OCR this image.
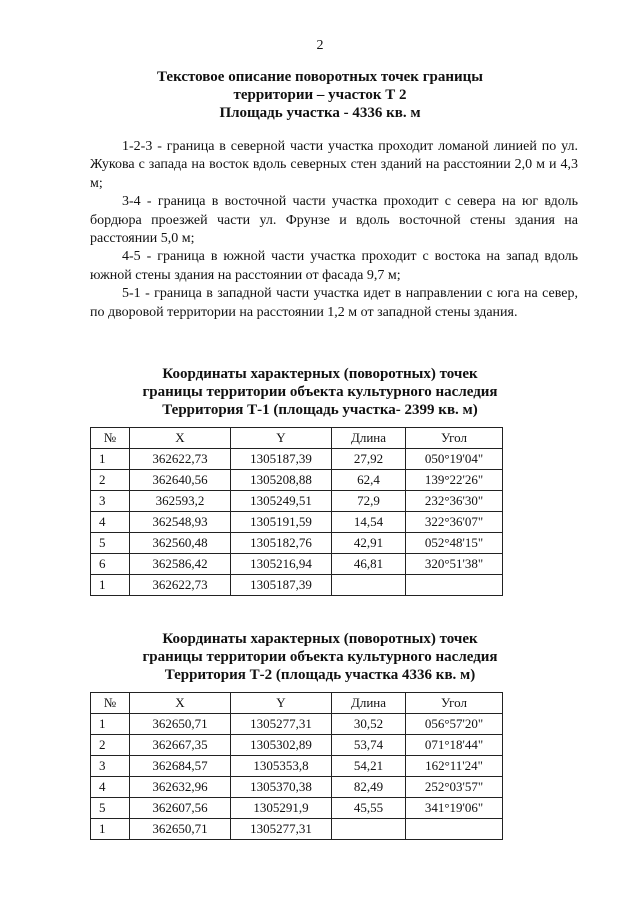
2
Текстовое описание поворотных точек границы
территории – участок Т 2
Площадь участка - 4336 кв. м

1-2-3 - граница в северной части участка проходит ломаной линией по ул. Жукова с запада на восток вдоль северных стен зданий на расстоянии 2,0 м и 4,3 м;

3-4 - граница в восточной части участка проходит с севера на юг вдоль бордюра проезжей части ул. Фрунзе и вдоль восточной стены здания на расстоянии 5,0 м;

4-5 - граница в южной части участка проходит с востока на запад вдоль южной стены здания на расстоянии от фасада 9,7 м;

5-1 - граница в западной части участка идет в направлении с юга на север, по дворовой территории на расстоянии 1,2 м от западной стены здания.

Координаты характерных (поворотных) точек
границы территории объекта культурного наследия
Территория Т-1 (площадь участка- 2399 кв. м)
№	X	Y	Длина	Угол
1	362622,73	1305187,39	27,92	050°19'04"
2	362640,56	1305208,88	62,4	139°22'26"
3	362593,2	1305249,51	72,9	232°36'30"
4	362548,93	1305191,59	14,54	322°36'07"
5	362560,48	1305182,76	42,91	052°48'15"
6	362586,42	1305216,94	46,81	320°51'38"
1	362622,73	1305187,39		
Координаты характерных (поворотных) точек
границы территории объекта культурного наследия
Территория Т-2 (площадь участка 4336 кв. м)
№	X	Y	Длина	Угол
1	362650,71	1305277,31	30,52	056°57'20"
2	362667,35	1305302,89	53,74	071°18'44"
3	362684,57	1305353,8	54,21	162°11'24"
4	362632,96	1305370,38	82,49	252°03'57"
5	362607,56	1305291,9	45,55	341°19'06"
1	362650,71	1305277,31		
